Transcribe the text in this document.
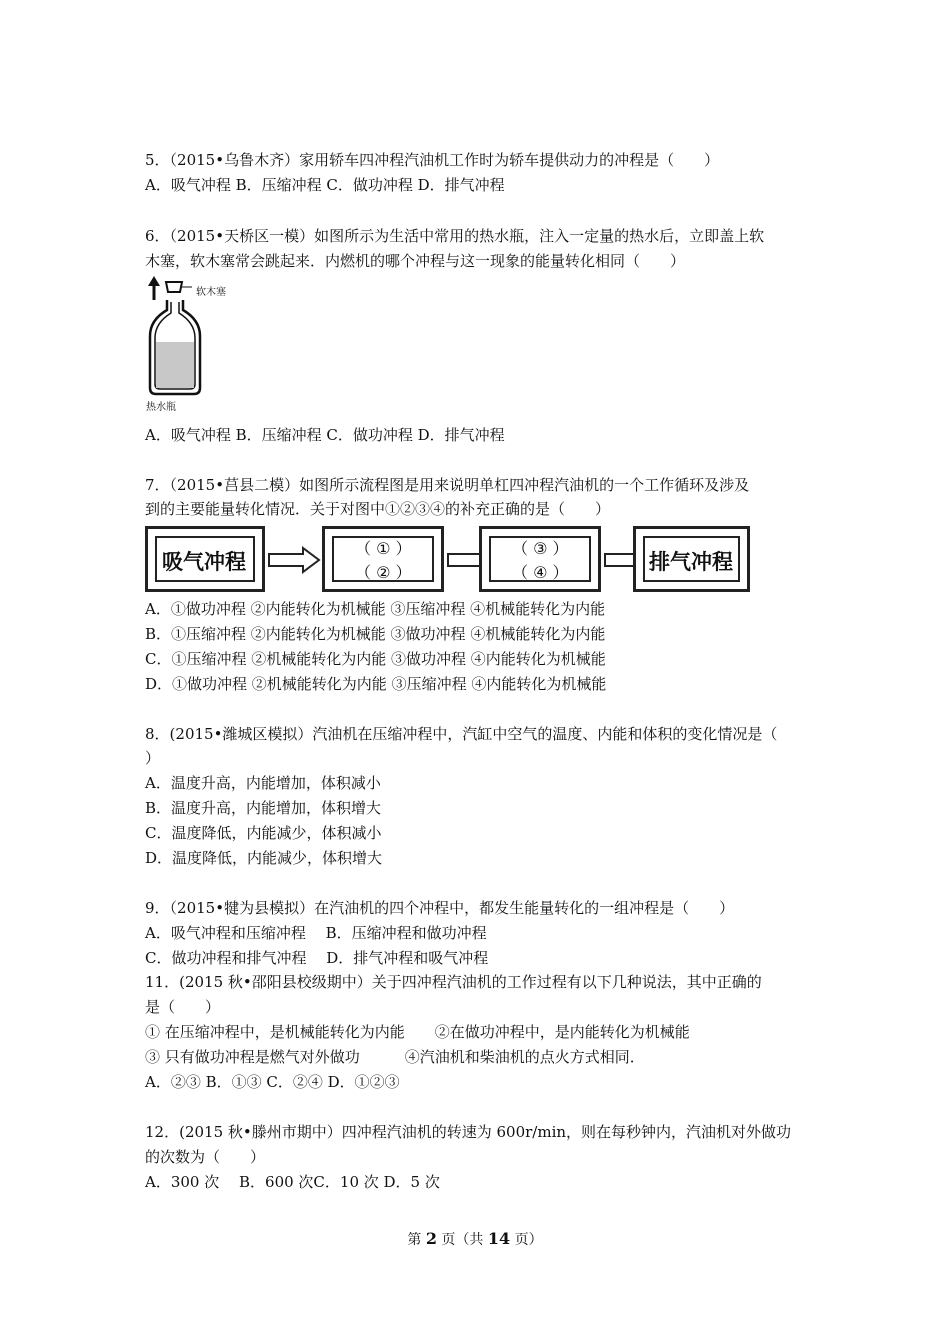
5．（2015•乌鲁木齐）家用轿车四冲程汽油机工作时为轿车提供动力的冲程是（　　）
A．吸气冲程 B．压缩冲程 C．做功冲程 D．排气冲程
6．（2015•天桥区一模）如图所示为生活中常用的热水瓶，注入一定量的热水后，立即盖上软
木塞，软木塞常会跳起来．内燃机的哪个冲程与这一现象的能量转化相同（　　）
软木塞
热水瓶
A．吸气冲程 B．压缩冲程 C．做功冲程 D．排气冲程
7．（2015•莒县二模）如图所示流程图是用来说明单杠四冲程汽油机的一个工作循环及涉及
到的主要能量转化情况．关于对图中①②③④的补充正确的是（　　）
吸气冲程
（ ① ）
（ ② ）
（ ③ ）
（ ④ ）	排气冲程
A．①做功冲程 ②内能转化为机械能 ③压缩冲程 ④机械能转化为内能
B．①压缩冲程 ②内能转化为机械能 ③做功冲程 ④机械能转化为内能
C．①压缩冲程 ②机械能转化为内能 ③做功冲程 ④内能转化为机械能
D．①做功冲程 ②机械能转化为内能 ③压缩冲程 ④内能转化为机械能
8．(2015•潍城区模拟）汽油机在压缩冲程中，汽缸中空气的温度、内能和体积的变化情况是（
）
A．温度升高，内能增加，体积减小
B．温度升高，内能增加，体积增大
C．温度降低，内能减少，体积减小
D．温度降低，内能减少，体积增大
9．（2015•犍为县模拟）在汽油机的四个冲程中，都发生能量转化的一组冲程是（　　）
A．吸气冲程和压缩冲程　 B．压缩冲程和做功冲程
C．做功冲程和排气冲程　 D．排气冲程和吸气冲程
11．(2015 秋•邵阳县校级期中）关于四冲程汽油机的工作过程有以下几种说法，其中正确的
是（　　）
① 在压缩冲程中，是机械能转化为内能　　②在做功冲程中，是内能转化为机械能
③ 只有做功冲程是燃气对外做功　　　④汽油机和柴油机的点火方式相同．
A．②③ B．①③ C．②④ D．①②③
12．(2015 秋•滕州市期中）四冲程汽油机的转速为 600r/min，则在每秒钟内，汽油机对外做功
的次数为（　　）
A．300 次　 B．600 次C．10 次 D．5 次
第 2 页（共 14 页）
